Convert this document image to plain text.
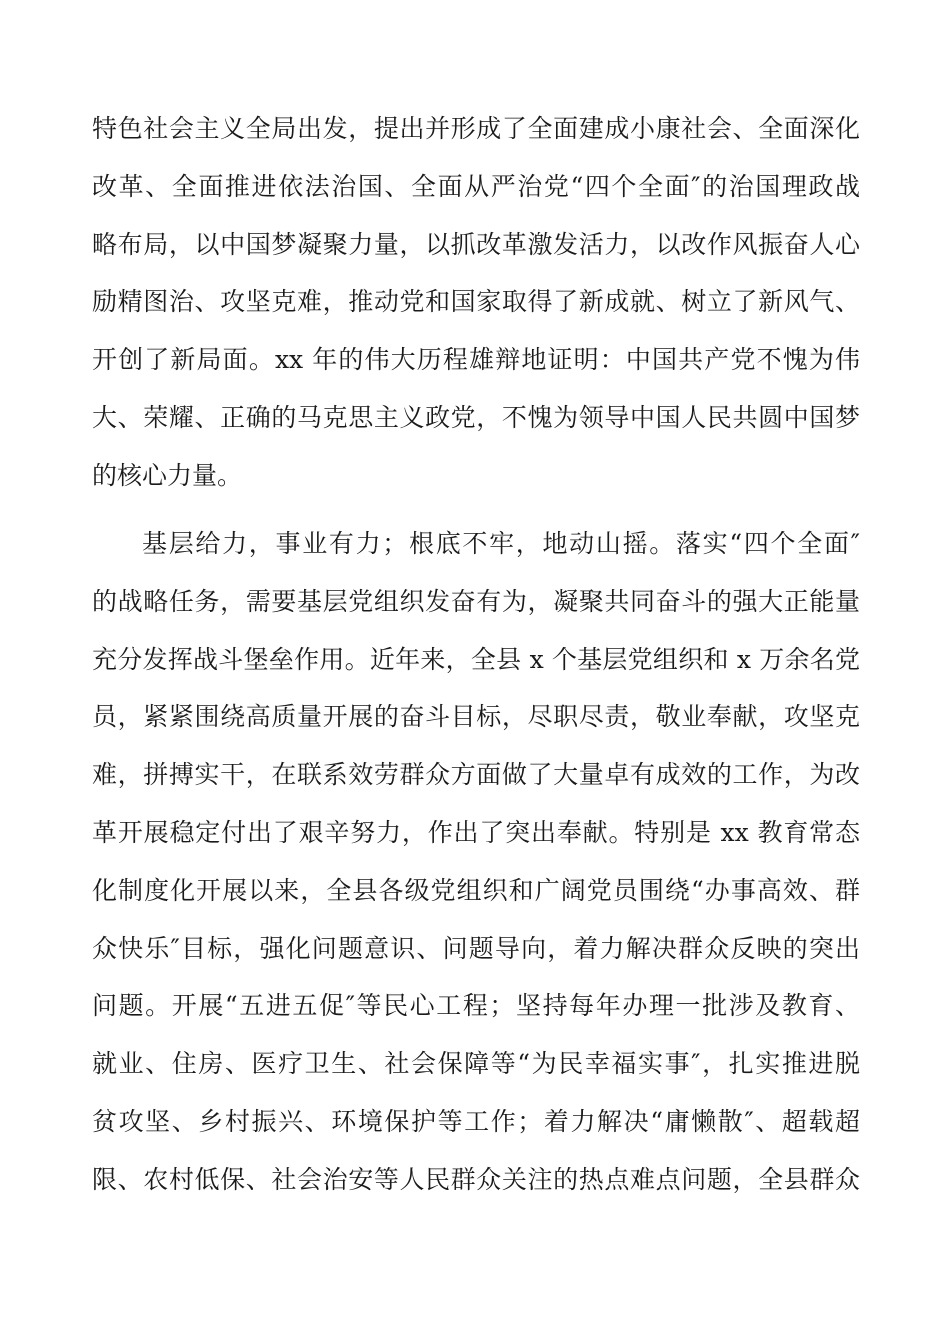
特色社会主义全局出发，提出并形成了全面建成小康社会、全面深化
改革、全面推进依法治国、全面从严治党“四个全面″的治国理政战
略布局，以中国梦凝聚力量，以抓改革激发活力，以改作风振奋人心
励精图治、攻坚克难，推动党和国家取得了新成就、树立了新风气、
开创了新局面。xx 年的伟大历程雄辩地证明：中国共产党不愧为伟
大、荣耀、正确的马克思主义政党，不愧为领导中国人民共圆中国梦
的核心力量。
基层给力，事业有力；根底不牢，地动山摇。落实“四个全面″
的战略任务，需要基层党组织发奋有为，凝聚共同奋斗的强大正能量
充分发挥战斗堡垒作用。近年来，全县 x 个基层党组织和 x 万余名党
员，紧紧围绕高质量开展的奋斗目标，尽职尽责，敬业奉献，攻坚克
难，拼搏实干，在联系效劳群众方面做了大量卓有成效的工作，为改
革开展稳定付出了艰辛努力，作出了突出奉献。特别是 xx 教育常态
化制度化开展以来，全县各级党组织和广阔党员围绕“办事高效、群
众快乐″目标，强化问题意识、问题导向，着力解决群众反映的突出
问题。开展“五进五促″等民心工程；坚持每年办理一批涉及教育、
就业、住房、医疗卫生、社会保障等“为民幸福实事″，扎实推进脱
贫攻坚、乡村振兴、环境保护等工作；着力解决“庸懒散″、超载超
限、农村低保、社会治安等人民群众关注的热点难点问题，全县群众
